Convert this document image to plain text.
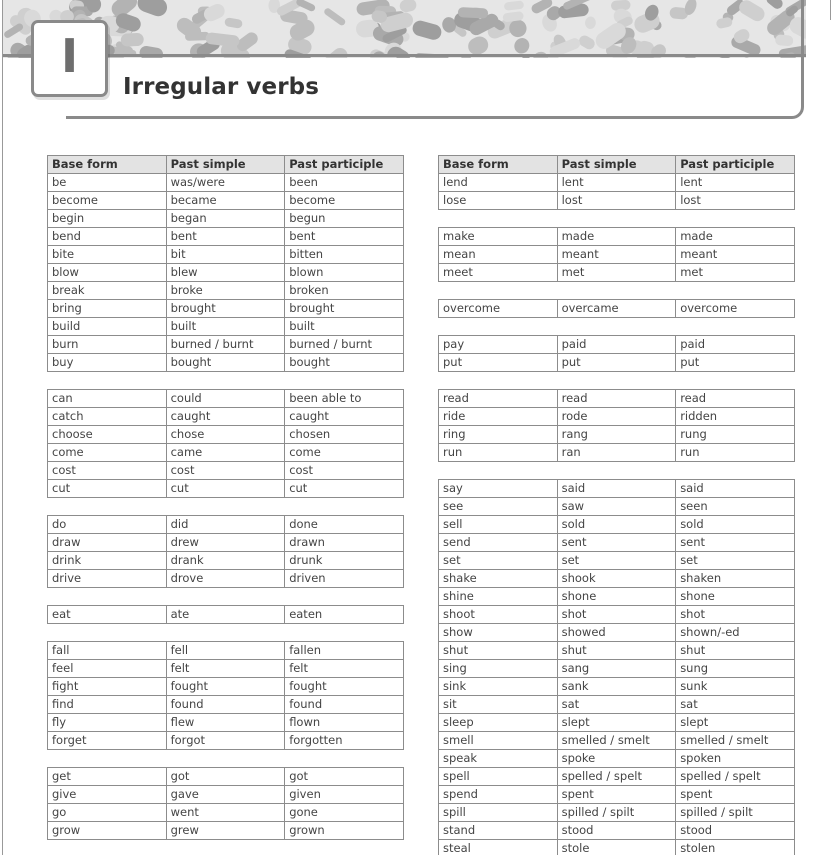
I
Irregular verbs
Base form	Past simple	Past participle
be	was/were	been
become	became	become
begin	began	begun
bend	bent	bent
bite	bit	bitten
blow	blew	blown
break	broke	broken
bring	brought	brought
build	built	built
burn	burned / burnt	burned / burnt
buy	bought	bought

can	could	been able to
catch	caught	caught
choose	chose	chosen
come	came	come
cost	cost	cost
cut	cut	cut

do	did	done
draw	drew	drawn
drink	drank	drunk
drive	drove	driven

eat	ate	eaten

fall	fell	fallen
feel	felt	felt
fight	fought	fought
find	found	found
fly	flew	flown
forget	forgot	forgotten

get	got	got
give	gave	given
go	went	gone
grow	grew	grown
Base form	Past simple	Past participle
lend	lent	lent
lose	lost	lost

make	made	made
mean	meant	meant
meet	met	met

overcome	overcame	overcome

pay	paid	paid
put	put	put

read	read	read
ride	rode	ridden
ring	rang	rung
run	ran	run

say	said	said
see	saw	seen
sell	sold	sold
send	sent	sent
set	set	set
shake	shook	shaken
shine	shone	shone
shoot	shot	shot
show	showed	shown/-ed
shut	shut	shut
sing	sang	sung
sink	sank	sunk
sit	sat	sat
sleep	slept	slept
smell	smelled / smelt	smelled / smelt
speak	spoke	spoken
spell	spelled / spelt	spelled / spelt
spend	spent	spent
spill	spilled / spilt	spilled / spilt
stand	stood	stood
steal	stole	stolen
